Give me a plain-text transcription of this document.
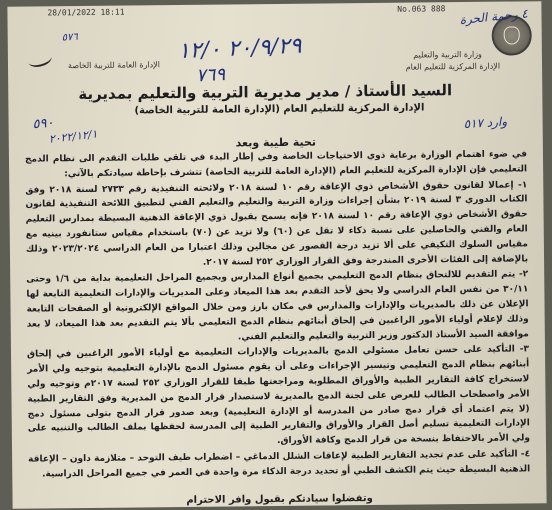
28/01/2022 18:11	No.063 888 ٤ رحمة الحرة
٥٧٦
الإدارة العامة للتربية الخاصة
وزارة التربية والتعليم
الإدارة المركزية للتعليم العام
٢٠/٩/٢٩ ١٢/٠
٧٦٩
السيد الأستاذ / مدير مديرية التربية والتعليم بمديرية
الإدارة المركزية للتعليم العام (الإدارة العامة للتربية الخاصة)
٥٩٠
٢٠٢٢/١٢/١
وارد ٥١٧
تحية طيبة وبعد

في ضوء اهتمام الوزارة برعاية ذوي الاحتياجات الخاصة وفي إطار البدء في تلقي طلبات التقدم الى نظام الدمج التعليمي فإن الإدارة المركزية للتعليم العام (الإدارة العامة للتربية الخاصة) تتشرف بإحاطة سيادتكم بالآتي:

١- إعمالا لقانون حقوق الأشخاص ذوي الإعاقة رقم ١٠ لسنة ٢٠١٨ ولائحته التنفيذية رقم ٢٧٣٣ لسنة ٢٠١٨ وفق الكتاب الدوري ٣ لسنة ٢٠١٩ بشأن إجراءات وزارة التربية والتعليم والتعليم الفني لتطبيق اللائحة التنفيذية لقانون حقوق الأشخاص ذوي الإعاقة رقم ١٠ لسنة ٢٠١٨ فإنه يسمح بقبول ذوي الإعاقة الذهنية البسيطة بمدارس التعليم العام والفني والحاصلين على نسبة ذكاء لا تقل عن (٦٠) ولا تزيد عن (٧٠) باستخدام مقياس ستانفورد بينيه مع مقياس السلوك التكيفي على ألا تزيد درجة القصور عن مجالين وذلك اعتبارا من العام الدراسي ٢٠٢٣/٢٠٢٤ وذلك بالإضافة إلى الفئات الأخرى المندرجة وفق القرار الوزاري ٢٥٢ لسنة ٢٠١٧.

٢- يتم التقديم للالتحاق بنظام الدمج التعليمي بجميع أنواع المدارس وبجميع المراحل التعليمية بداية من ١/٦ وحتى ٣٠/١١ من نفس العام الدراسي ولا يحق لأحد التقدم بعد هذا الميعاد وعلى المديريات والإدارات التعليمية التابعة لها الإعلان عن ذلك بالمديريات والإدارات والمدارس في مكان بارز ومن خلال المواقع الإلكترونية أو الصفحات التابعة وذلك لإعلام أولياء الأمور الراغبين في إلحاق أبنائهم بنظام الدمج التعليمي بألا يتم التقديم بعد هذا الميعاد، لا بعد موافقة السيد الأستاذ الدكتور وزير التربية والتعليم والتعليم الفني.

٣- التأكيد على حسن تعامل مسئولي الدمج بالمديريات والإدارات التعليمية مع أولياء الأمور الراغبين في إلحاق أبنائهم بنظام الدمج التعليمي وتيسير الإجراءات وعلى أن يقوم مسئول الدمج بالإدارة التعليمية بتوجيه ولي الأمر لاستخراج كافة التقارير الطبية والأوراق المطلوبة ومراجعتها طبقا للقرار الوزاري ٢٥٢ لسنة ٢٠١٧م وتوجيه ولي الأمر واصطحاب الطالب للعرض على لجنة الدمج بالمديرية لاستصدار قرار الدمج من المديرية وفق التقارير الطبية (لا يتم اعتماد أي قرار دمج صادر من المدرسة أو الإدارة التعليمية) وبعد صدور قرار الدمج بتولى مسئول دمج الإدارات التعليمية تسليم أصل القرار والأوراق والتقارير الطبية إلى المدرسة لحفظها بملف الطالب والتنبيه على ولي الأمر بالاحتفاظ بنسخة من قرار الدمج وكافة الأوراق.

٤- التأكيد على عدم تجديد التقارير الطبية لإعاقات الشلل الدماغي – اضطراب طيف التوحد – متلازمة داون – الإعاقة الذهنية البسيطة حيث يتم الكشف الطبي أو تحديد درجة الذكاء مرة واحدة في العمر في جميع المراحل الدراسية.

وتفضلوا سيادتكم بقبول وافر الاحترام
